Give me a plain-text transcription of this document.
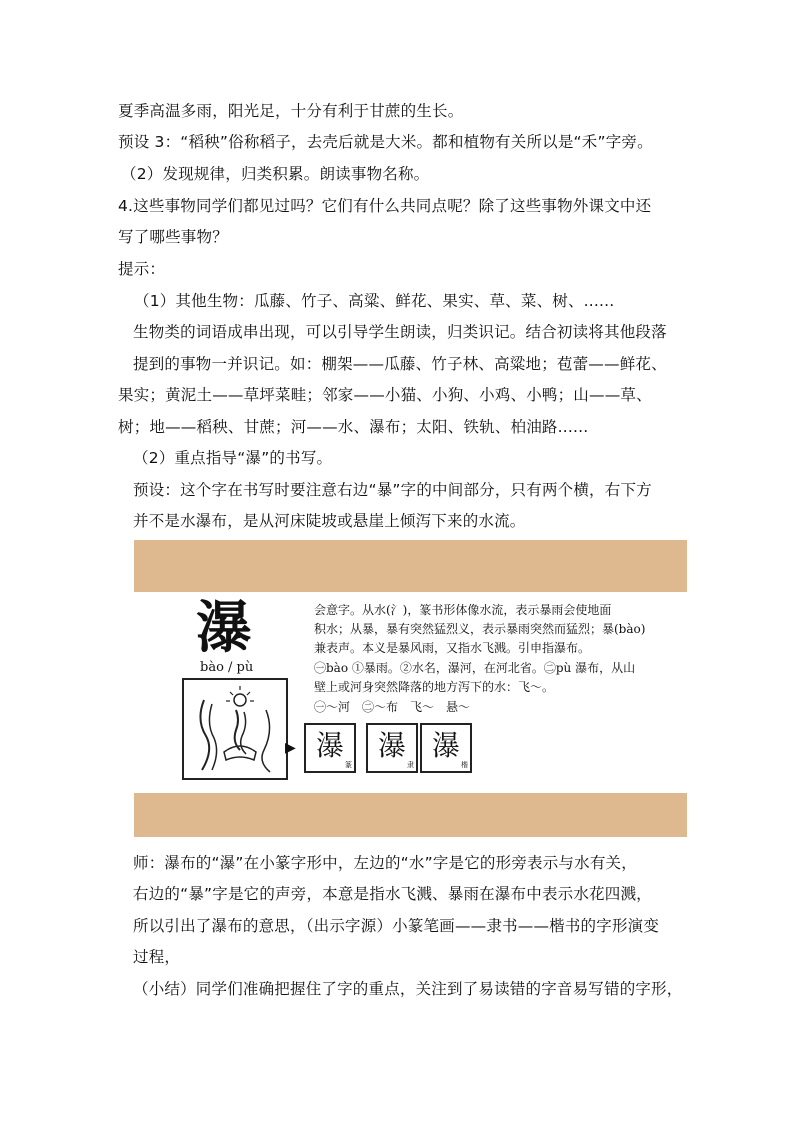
夏季高温多雨，阳光足，十分有利于甘蔗的生长。
预设 3：“稻秧”俗称稻子，去壳后就是大米。都和植物有关所以是“禾”字旁。
（2）发现规律，归类积累。朗读事物名称。
4.这些事物同学们都见过吗？它们有什么共同点呢？除了这些事物外课文中还
写了哪些事物？
提示：
（1）其他生物：瓜藤、竹子、高粱、鲜花、果实、草、菜、树、......
生物类的词语成串出现，可以引导学生朗读，归类识记。结合初读将其他段落
提到的事物一并识记。如：棚架——瓜藤、竹子林、高粱地；苞蕾——鲜花、
果实；黄泥土——草坪菜畦；邻家——小猫、小狗、小鸡、小鸭；山——草、
树；地——稻秧、甘蔗；河——水、瀑布；太阳、铁轨、柏油路......
（2）重点指导“瀑”的书写。
预设：这个字在书写时要注意右边“暴”字的中间部分，只有两个横，右下方
并不是水瀑布，是从河床陡坡或悬崖上倾泻下来的水流。
瀑
bào / pù
▶ 瀑
篆
瀑
隶
瀑
楷
会意字。从水(氵)，篆书形体像水流，表示暴雨会使地面
积水；从暴，暴有突然猛烈义，表示暴雨突然而猛烈；暴(bào)
兼表声。本义是暴风雨，又指水飞溅。引申指瀑布。
㊀bào ①暴雨。②水名，瀑河，在河北省。㊁pù 瀑布，从山
壁上或河身突然降落的地方泻下的水：飞～。
㊀～河　㊁～布　飞～　悬～
师：瀑布的“瀑”在小篆字形中，左边的“水”字是它的形旁表示与水有关，
右边的“暴”字是它的声旁，本意是指水飞溅、暴雨在瀑布中表示水花四溅，
所以引出了瀑布的意思，（出示字源）小篆笔画——隶书——楷书的字形演变
过程，
（小结）同学们准确把握住了字的重点，关注到了易读错的字音易写错的字形，
